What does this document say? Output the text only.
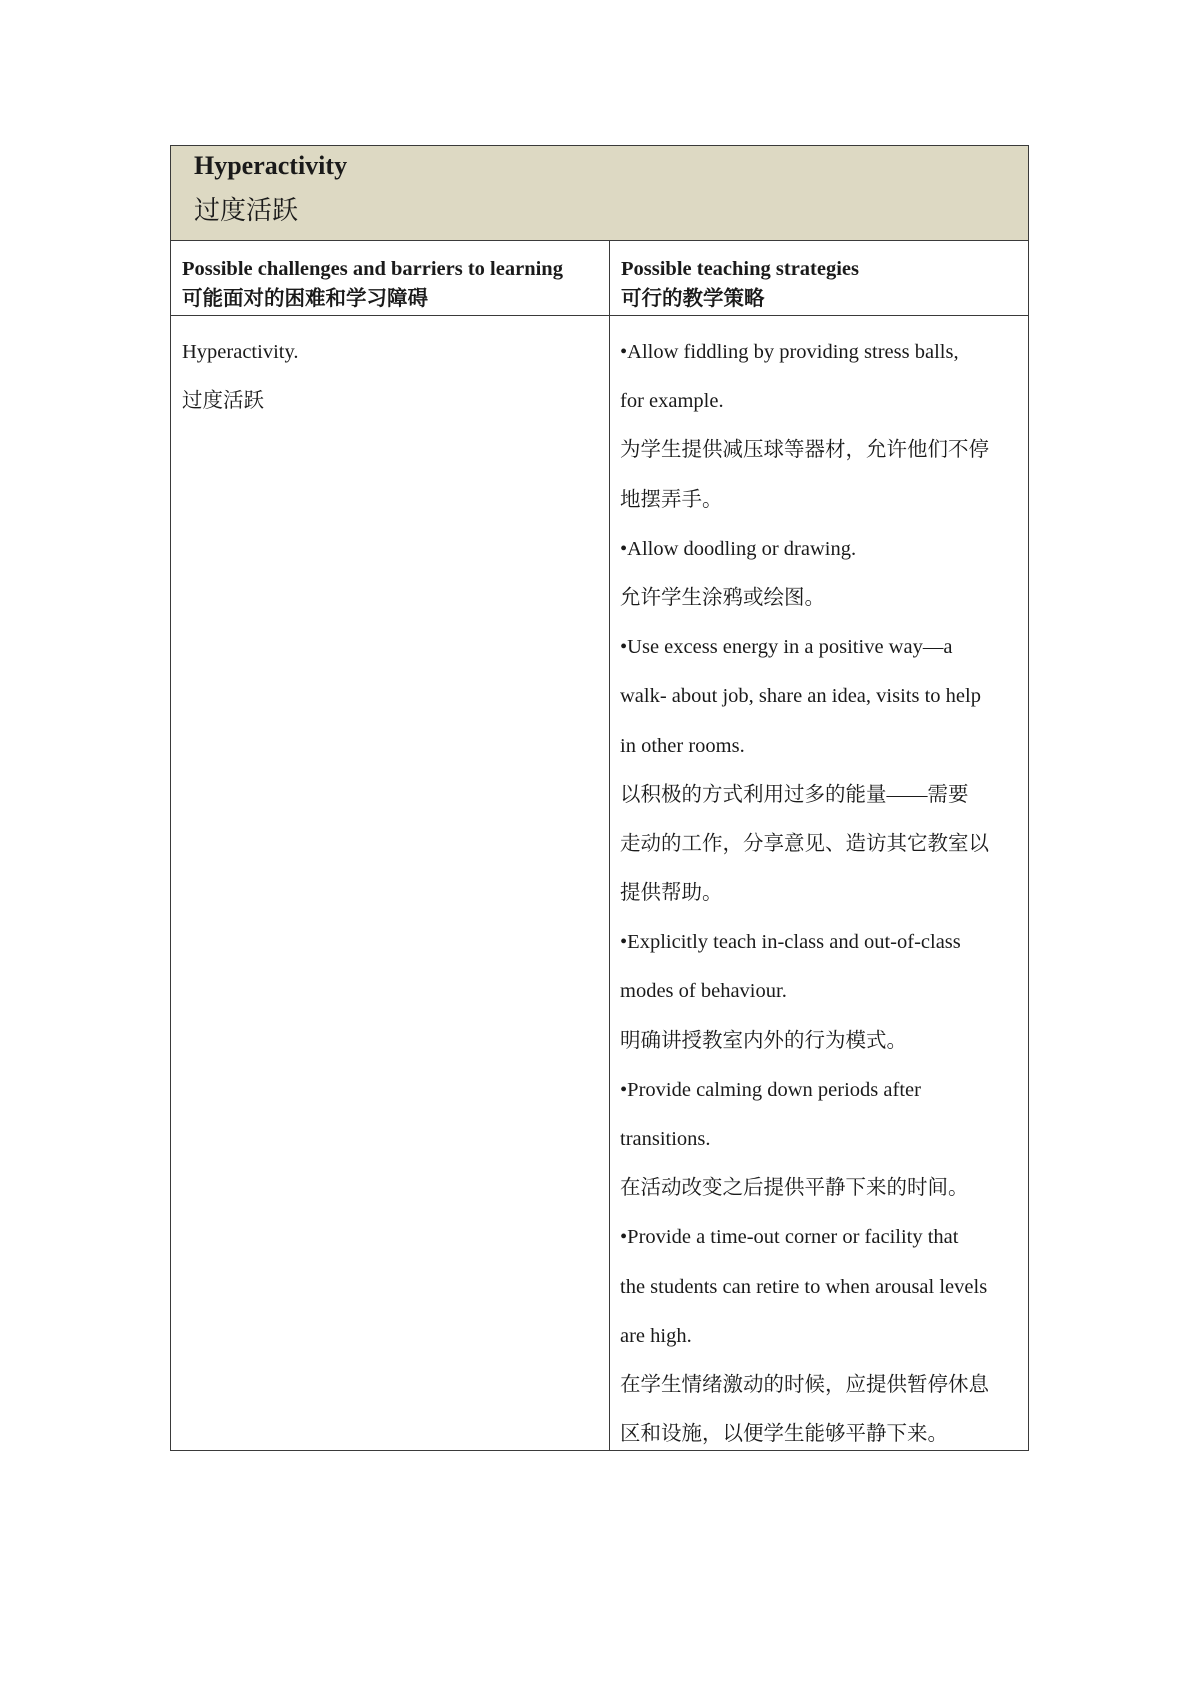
Hyperactivity
过度活跃
Possible challenges and barriers to learning
可能面对的困难和学习障碍
Possible teaching strategies
可行的教学策略
Hyperactivity.
过度活跃
•Allow fiddling by providing stress balls,
for example.
为学生提供减压球等器材，允许他们不停
地摆弄手。
•Allow doodling or drawing.
允许学生涂鸦或绘图。
•Use excess energy in a positive way—a
walk- about job, share an idea, visits to help
in other rooms.
以积极的方式利用过多的能量——需要
走动的工作，分享意见、造访其它教室以
提供帮助。
•Explicitly teach in-class and out-of-class
modes of behaviour.
明确讲授教室内外的行为模式。
•Provide calming down periods after
transitions.
在活动改变之后提供平静下来的时间。
•Provide a time-out corner or facility that
the students can retire to when arousal levels
are high.
在学生情绪激动的时候，应提供暂停休息
区和设施，以便学生能够平静下来。
